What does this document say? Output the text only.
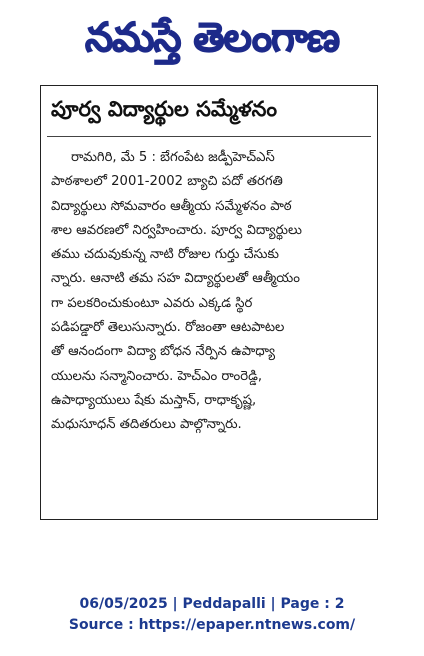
నమస్తే తెలంగాణ
పూర్వ విద్యార్థుల సమ్మేళనం
రామగిరి, మే 5 : బేగంపేట జడ్పీహెచ్‌ఎస్
పాఠశాలలో 2001-2002 బ్యాచి పదో తరగతి
విద్యార్థులు సోమవారం ఆత్మీయ సమ్మేళనం పాఠ
శాల ఆవరణలో నిర్వహించారు. పూర్వ విద్యార్థులు
తము చదువుకున్న నాటి రోజుల గుర్తు చేసుకు
న్నారు. ఆనాటి తమ సహ విద్యార్థులతో ఆత్మీయం
గా పలకరించుకుంటూ ఎవరు ఎక్కడ స్థిర
పడిపడ్డారో తెలుసున్నారు. రోజంతా ఆటపాటల
తో ఆనందంగా విద్యా బోధన నేర్పిన ఉపాధ్యా
యులను సన్మానించారు. హెచ్‌ఎం రాంరెడ్డి,
ఉపాధ్యాయులు షేకు మస్తాన్, రాధాకృష్ణ,
మధుసూధన్ తదితరులు పాల్గొన్నారు.
06/05/2025 | Peddapalli | Page : 2
Source : https://epaper.ntnews.com/
